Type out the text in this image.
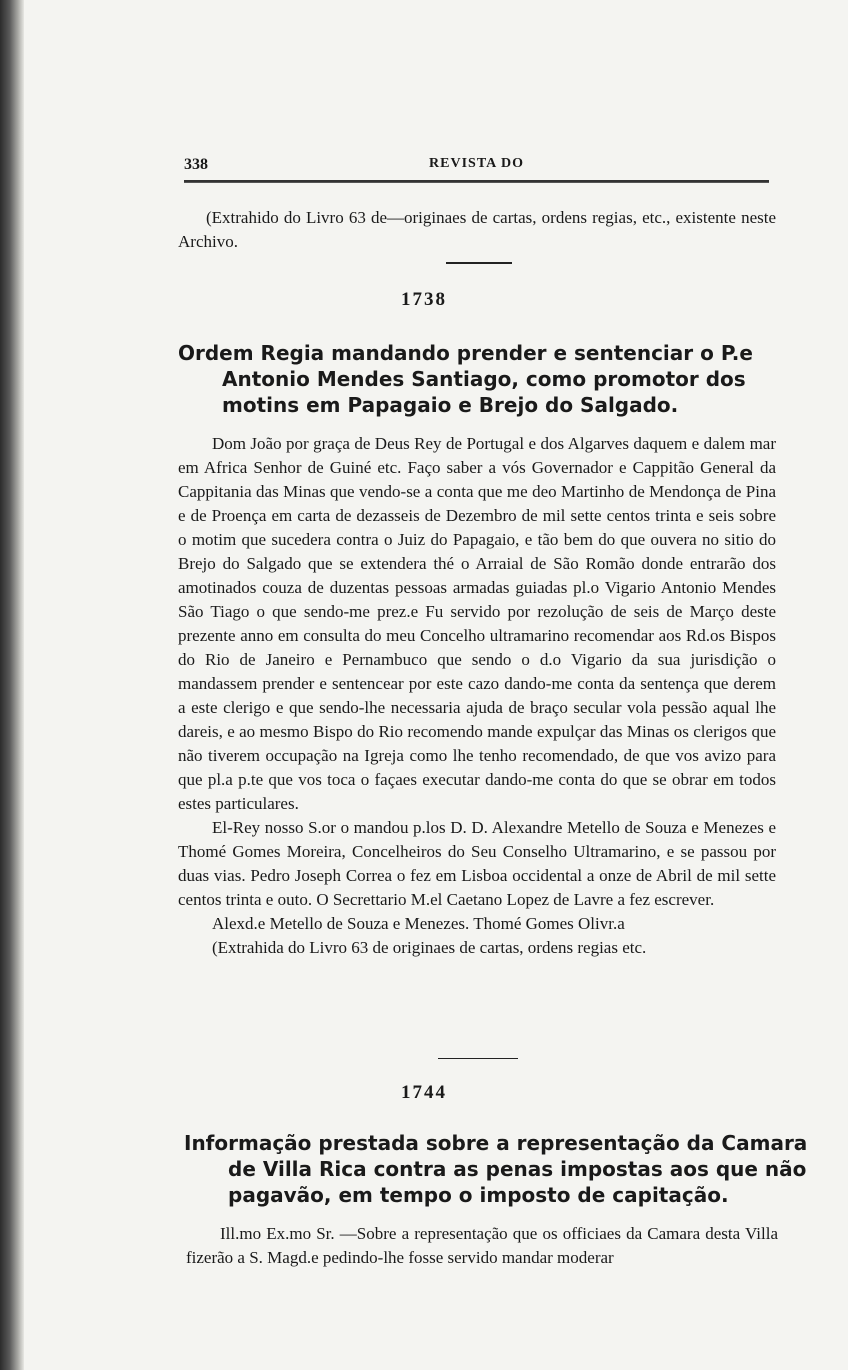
338	REVISTA DO
(Extrahido do Livro 63 de—originaes de cartas, ordens regias, etc., existente neste Archivo.
1738
Ordem Regia mandando prender e sentenciar o P.e Antonio Mendes Santiago, como promotor dos motins em Papagaio e Brejo do Salgado.

Dom João por graça de Deus Rey de Portugal e dos Algarves daquem e dalem mar em Africa Senhor de Guiné etc. Faço saber a vós Governador e Cappitão General da Cappitania das Minas que vendo-se a conta que me deo Martinho de Mendonça de Pina e de Proença em carta de dezasseis de Dezembro de mil sette centos trinta e seis sobre o motim que sucedera contra o Juiz do Papagaio, e tão bem do que ouvera no sitio do Brejo do Salgado que se extendera thé o Arraial de São Romão donde entrarão dos amotinados couza de duzentas pessoas armadas guiadas pl.o Vigario Antonio Mendes São Tiago o que sendo-me prez.e Fu servido por rezolução de seis de Março deste prezente anno em consulta do meu Concelho ultramarino recomendar aos Rd.os Bispos do Rio de Janeiro e Pernambuco que sendo o d.o Vigario da sua jurisdição o mandassem prender e sentencear por este cazo dando-me conta da sentença que derem a este clerigo e que sendo-lhe necessaria ajuda de braço secular vola pessão aqual lhe dareis, e ao mesmo Bispo do Rio recomendo mande expulçar das Minas os clerigos que não tiverem occupação na Igreja como lhe tenho recomendado, de que vos avizo para que pl.a p.te que vos toca o façaes executar dando-me conta do que se obrar em todos estes particulares.

El-Rey nosso S.or o mandou p.los D. D. Alexandre Metello de Souza e Menezes e Thomé Gomes Moreira, Concelheiros do Seu Conselho Ultramarino, e se passou por duas vias. Pedro Joseph Correa o fez em Lisboa occidental a onze de Abril de mil sette centos trinta e outo. O Secrettario M.el Caetano Lopez de Lavre a fez escrever.

Alexd.e Metello de Souza e Menezes. Thomé Gomes Olivr.a

(Extrahida do Livro 63 de originaes de cartas, ordens regias etc.

1744
Informação prestada sobre a representação da Camara de Villa Rica contra as penas impostas aos que não pagavão, em tempo o imposto de capitação.

Ill.mo Ex.mo Sr. —Sobre a representação que os officiaes da Camara desta Villa fizerão a S. Magd.e pedindo-lhe fosse servido mandar moderar
